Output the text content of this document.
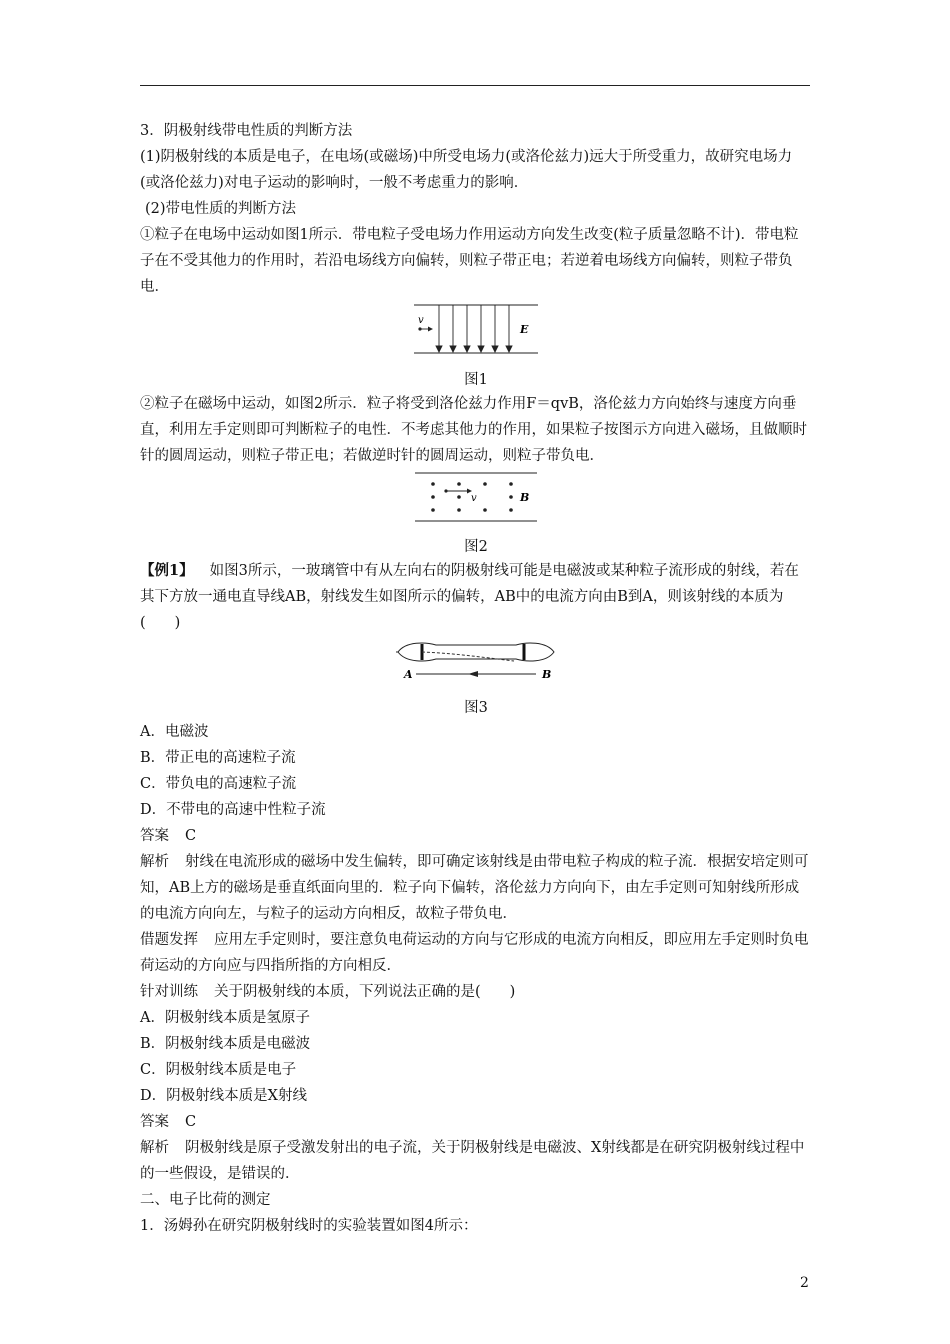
3．阴极射线带电性质的判断方法

(1)阴极射线的本质是电子，在电场(或磁场)中所受电场力(或洛伦兹力)远大于所受重力，故研究电场力(或洛伦兹力)对电子运动的影响时，一般不考虑重力的影响．

(2)带电性质的判断方法

①粒子在电场中运动如图1所示．带电粒子受电场力作用运动方向发生改变(粒子质量忽略不计)．带电粒子在不受其他力的作用时，若沿电场线方向偏转，则粒子带正电；若逆着电场线方向偏转，则粒子带负电．

v
E
图1

②粒子在磁场中运动，如图2所示．粒子将受到洛伦兹力作用F＝qvB，洛伦兹力方向始终与速度方向垂直，利用左手定则即可判断粒子的电性．不考虑其他力的作用，如果粒子按图示方向进入磁场，且做顺时针的圆周运动，则粒子带正电；若做逆时针的圆周运动，则粒子带负电．

v	B
图2

【例1】 如图3所示，一玻璃管中有从左向右的阴极射线可能是电磁波或某种粒子流形成的射线，若在其下方放一通电直导线AB，射线发生如图所示的偏转，AB中的电流方向由B到A，则该射线的本质为(　　)

A	B
图3

A．电磁波

B．带正电的高速粒子流

C．带负电的高速粒子流

D．不带电的高速中性粒子流

答案 C

解析 射线在电流形成的磁场中发生偏转，即可确定该射线是由带电粒子构成的粒子流．根据安培定则可知，AB上方的磁场是垂直纸面向里的．粒子向下偏转，洛伦兹力方向向下，由左手定则可知射线所形成的电流方向向左，与粒子的运动方向相反，故粒子带负电．

借题发挥 应用左手定则时，要注意负电荷运动的方向与它形成的电流方向相反，即应用左手定则时负电荷运动的方向应与四指所指的方向相反．

针对训练 关于阴极射线的本质，下列说法正确的是(　　)

A．阴极射线本质是氢原子

B．阴极射线本质是电磁波

C．阴极射线本质是电子

D．阴极射线本质是X射线

答案 C

解析 阴极射线是原子受激发射出的电子流，关于阴极射线是电磁波、X射线都是在研究阴极射线过程中的一些假设，是错误的．

二、电子比荷的测定

1．汤姆孙在研究阴极射线时的实验装置如图4所示：

2
